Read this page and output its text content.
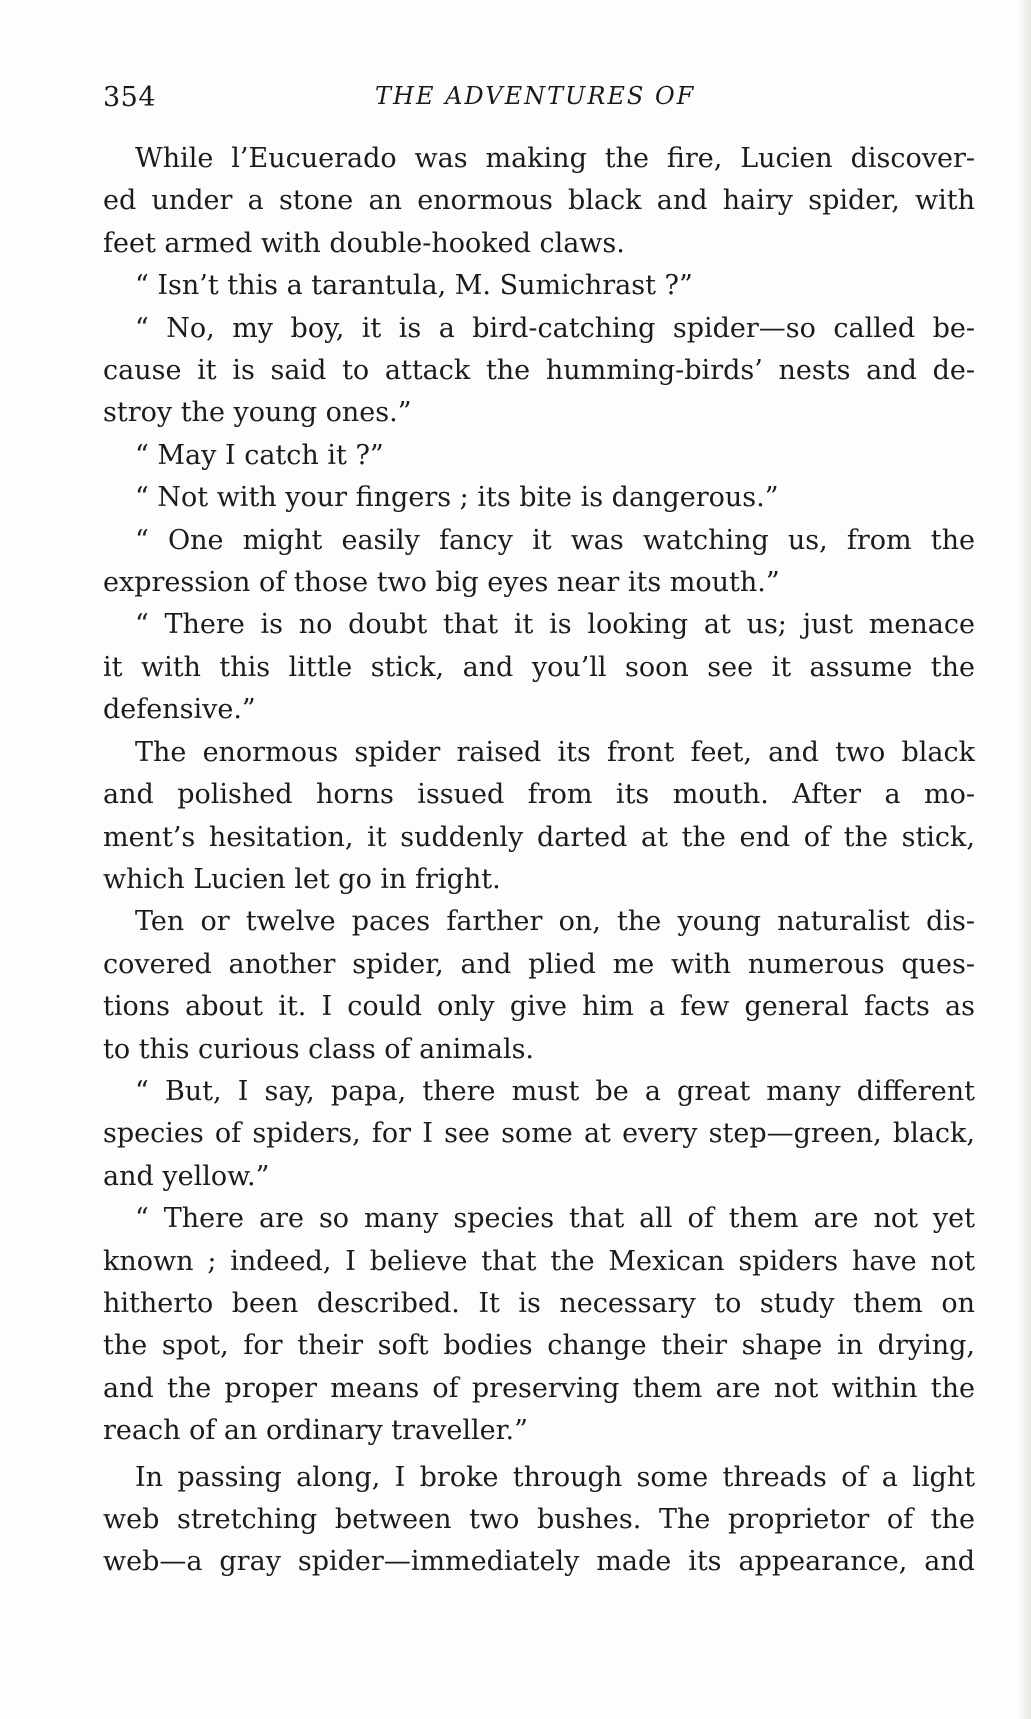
354	THE ADVENTURES OF
While l’Eucuerado was making the fire, Lucien discover-
ed under a stone an enormous black and hairy spider, with
feet armed with double-hooked claws.
“ Isn’t this a tarantula, M. Sumichrast ?”
“ No, my boy, it is a bird-catching spider—so called be-
cause it is said to attack the humming-birds’ nests and de-
stroy the young ones.”
“ May I catch it ?”
“ Not with your fingers ; its bite is dangerous.”
“ One might easily fancy it was watching us, from the
expression of those two big eyes near its mouth.”
“ There is no doubt that it is looking at us; just menace
it with this little stick, and you’ll soon see it assume the
defensive.”
The enormous spider raised its front feet, and two black
and polished horns issued from its mouth. After a mo-
ment’s hesitation, it suddenly darted at the end of the stick,
which Lucien let go in fright.
Ten or twelve paces farther on, the young naturalist dis-
covered another spider, and plied me with numerous ques-
tions about it. I could only give him a few general facts as
to this curious class of animals.
“ But, I say, papa, there must be a great many different
species of spiders, for I see some at every step—green, black,
and yellow.”
“ There are so many species that all of them are not yet
known ; indeed, I believe that the Mexican spiders have not
hitherto been described. It is necessary to study them on
the spot, for their soft bodies change their shape in drying,
and the proper means of preserving them are not within the
reach of an ordinary traveller.”
In passing along, I broke through some threads of a light
web stretching between two bushes. The proprietor of the
web—a gray spider—immediately made its appearance, and
